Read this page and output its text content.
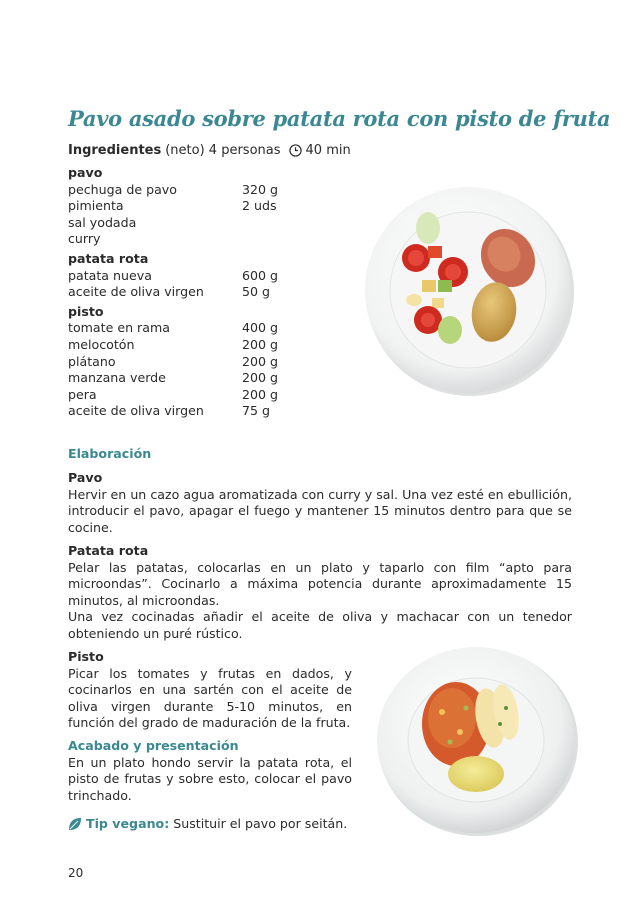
Pavo asado sobre patata rota con pisto de fruta
Ingredientes (neto) 4 personas 40 min
pavo
pechuga de pavo	320 g
pimienta	2 uds
sal yodada
curry
patata rota
patata nueva	600 g
aceite de oliva virgen	50 g
pisto
tomate en rama	400 g
melocotón	200 g
plátano	200 g
manzana verde	200 g
pera	200 g
aceite de oliva virgen	75 g
Elaboración
Pavo
Hervir en un cazo agua aromatizada con curry y sal. Una vez esté en ebullición, introducir el pavo, apagar el fuego y mantener 15 minutos dentro para que se cocine.
Patata rota
Pelar las patatas, colocarlas en un plato y taparlo con film “apto para microondas”. Cocinarlo a máxima potencia durante aproximadamente 15 minutos, al microondas.
Una vez cocinadas añadir el aceite de oliva y machacar con un tenedor obteniendo un puré rústico.
Pisto
Picar los tomates y frutas en dados, y cocinarlos en una sartén con el aceite de oliva virgen durante 5-10 minutos, en función del grado de maduración de la fruta.
Acabado y presentación
En un plato hondo servir la patata rota, el pisto de frutas y sobre esto, colocar el pavo trinchado.
Tip vegano: Sustituir el pavo por seitán.
20
